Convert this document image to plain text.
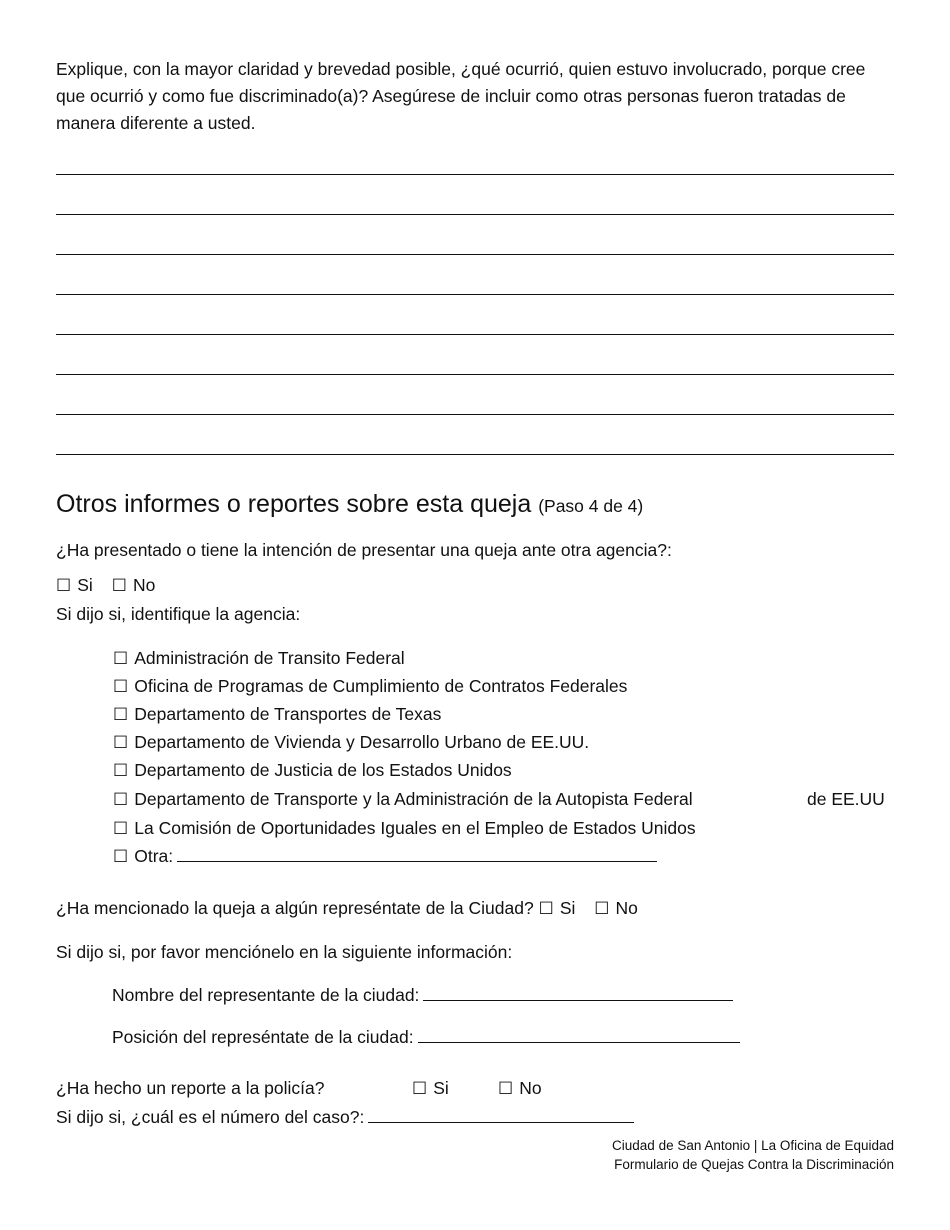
Explique, con la mayor claridad y brevedad posible, ¿qué ocurrió, quien estuvo involucrado, porque cree que ocurrió y como fue discriminado(a)? Asegúrese de incluir como otras personas fueron tratadas de manera diferente a usted.

Otros informes o reportes sobre esta queja (Paso 4 de 4)
¿Ha presentado o tiene la intención de presentar una queja ante otra agencia?:
☐ Si ☐ No
Si dijo si, identifique la agencia:
☐ Administración de Transito Federal
☐ Oficina de Programas de Cumplimiento de Contratos Federales
☐ Departamento de Transportes de Texas
☐ Departamento de Vivienda y Desarrollo Urbano de EE.UU.
☐ Departamento de Justicia de los Estados Unidos
☐ Departamento de Transporte y la Administración de la Autopista Federal	de EE.UU
☐ La Comisión de Oportunidades Iguales en el Empleo de Estados Unidos
☐ Otra:
¿Ha mencionado la queja a algún represéntate de la Ciudad? ☐ Si ☐ No
Si dijo si, por favor menciónelo en la siguiente información:
Nombre del representante de la ciudad:
Posición del represéntate de la ciudad:
¿Ha hecho un reporte a la policía?	☐ Si	☐ No
Si dijo si, ¿cuál es el número del caso?:
Ciudad de San Antonio | La Oficina de Equidad
Formulario de Quejas Contra la Discriminación
